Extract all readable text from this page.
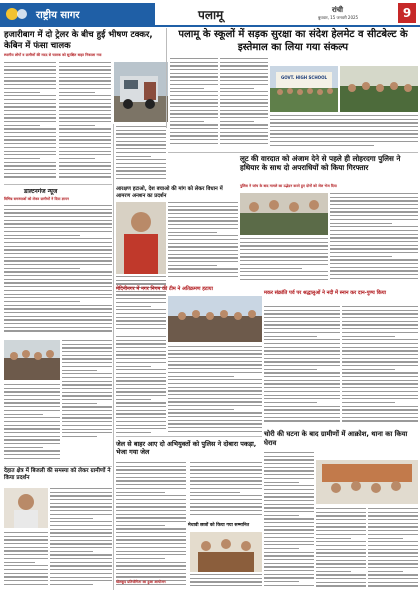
राष्ट्रीय सागर	पलामू	रांची
बुधवार, 15 जनवरी 2025	9
हजारीबाग में दो ट्रेलर के बीच हुई भीषण टक्कर, केबिन में फंसा चालक
स्थानीय लोगों व ग्रामीणों की मदद से चालक को सुरक्षित बाहर निकाला गया
डाल्टनगंज न्यूज
विभिन्न समस्याओं को लेकर ग्रामीणों ने दिया ज्ञापन
देहात क्षेत्र में बिजली की समस्या को लेकर ग्रामीणों ने किया प्रदर्शन
आरक्षण हटाओ, देश बचाओ की मांग को लेकर विधान में आमरण अनशन का प्रदर्शन
मेदिनीनगर में नगर निगम की टीम ने अतिक्रमण हटाया
जेल से बाहर आए दो अभियुक्तों को पुलिस ने दोबारा पकड़ा, भेजा गया जेल
मेधावी छात्रों को किया गया सम्मानित
पलामू के स्कूलों में सड़क सुरक्षा का संदेश हेलमेट व सीटबेल्ट के इस्तेमाल का लिया गया संकल्प
GOVT. HIGH SCHOOL
लूट की वारदात को अंजाम देने से पहले ही लोहरदगा पुलिस ने हथियार के साथ दो अपराधियों को किया गिरफ्तार
पुलिस ने जांच के बाद मामले का उद्भेदन करते हुए दोनों को जेल भेज दिया
मकर संक्रांति पर्व पर श्रद्धालुओं ने नदी में स्नान कर दान-पुण्य किया
चोरी की घटना के बाद ग्रामीणों में आक्रोश, थाना का किया घेराव
खेलकूद प्रतियोगिता का हुआ आयोजन
